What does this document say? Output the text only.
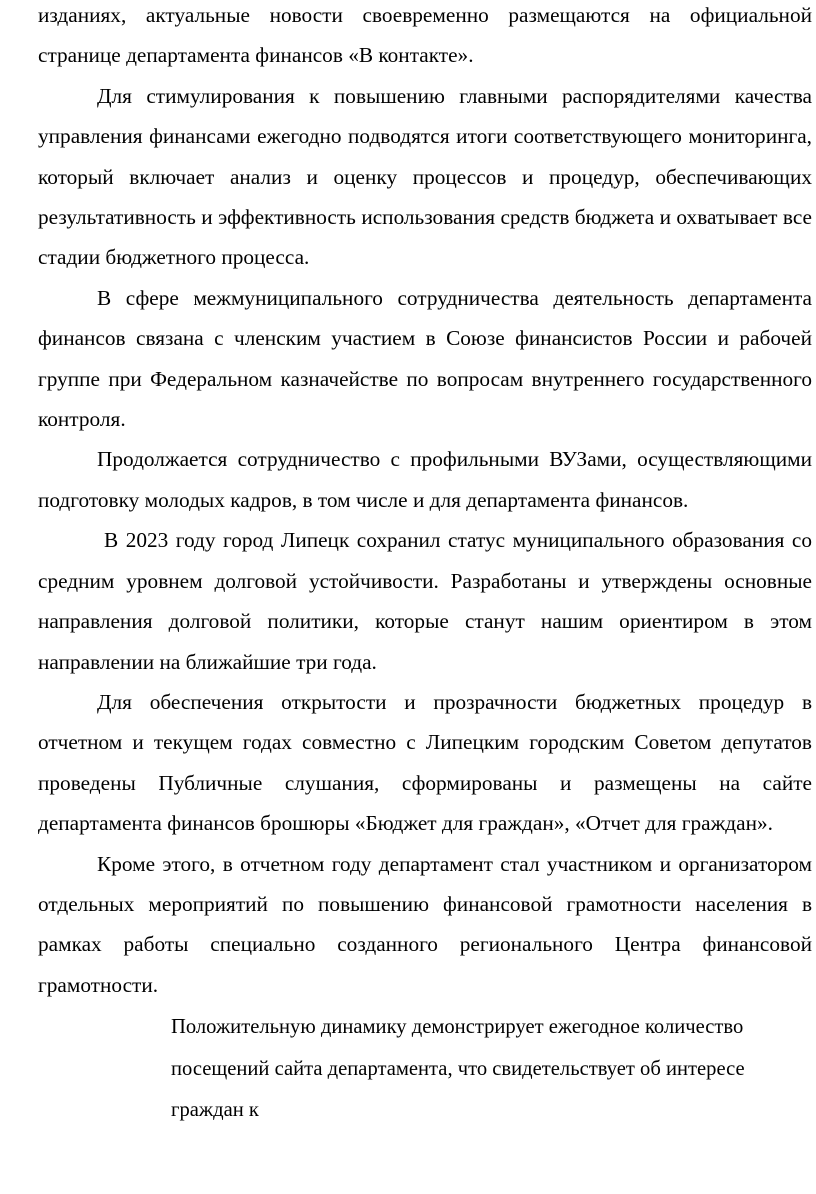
изданиях, актуальные новости своевременно размещаются на официальной странице департамента финансов «В контакте».

Для стимулирования к повышению главными распорядителями качества управления финансами ежегодно подводятся итоги соответствующего мониторинга, который включает анализ и оценку процессов и процедур, обеспечивающих результативность и эффективность использования средств бюджета и охватывает все стадии бюджетного процесса.

В сфере межмуниципального сотрудничества деятельность департамента финансов связана с членским участием в Союзе финансистов России и рабочей группе при Федеральном казначействе по вопросам внутреннего государственного контроля.

Продолжается сотрудничество с профильными ВУЗами, осуществляющими подготовку молодых кадров, в том числе и для департамента финансов.

В 2023 году город Липецк сохранил статус муниципального образования со средним уровнем долговой устойчивости. Разработаны и утверждены основные направления долговой политики, которые станут нашим ориентиром в этом направлении на ближайшие три года.

Для обеспечения открытости и прозрачности бюджетных процедур в отчетном и текущем годах совместно с Липецким городским Советом депутатов проведены Публичные слушания, сформированы и размещены на сайте департамента финансов брошюры «Бюджет для граждан», «Отчет для граждан».

Кроме этого, в отчетном году департамент стал участником и организатором отдельных мероприятий по повышению финансовой грамотности населения в рамках работы специально созданного регионального Центра финансовой грамотности.

Положительную динамику демонстрирует ежегодное количество посещений сайта департамента, что свидетельствует об интересе граждан к
